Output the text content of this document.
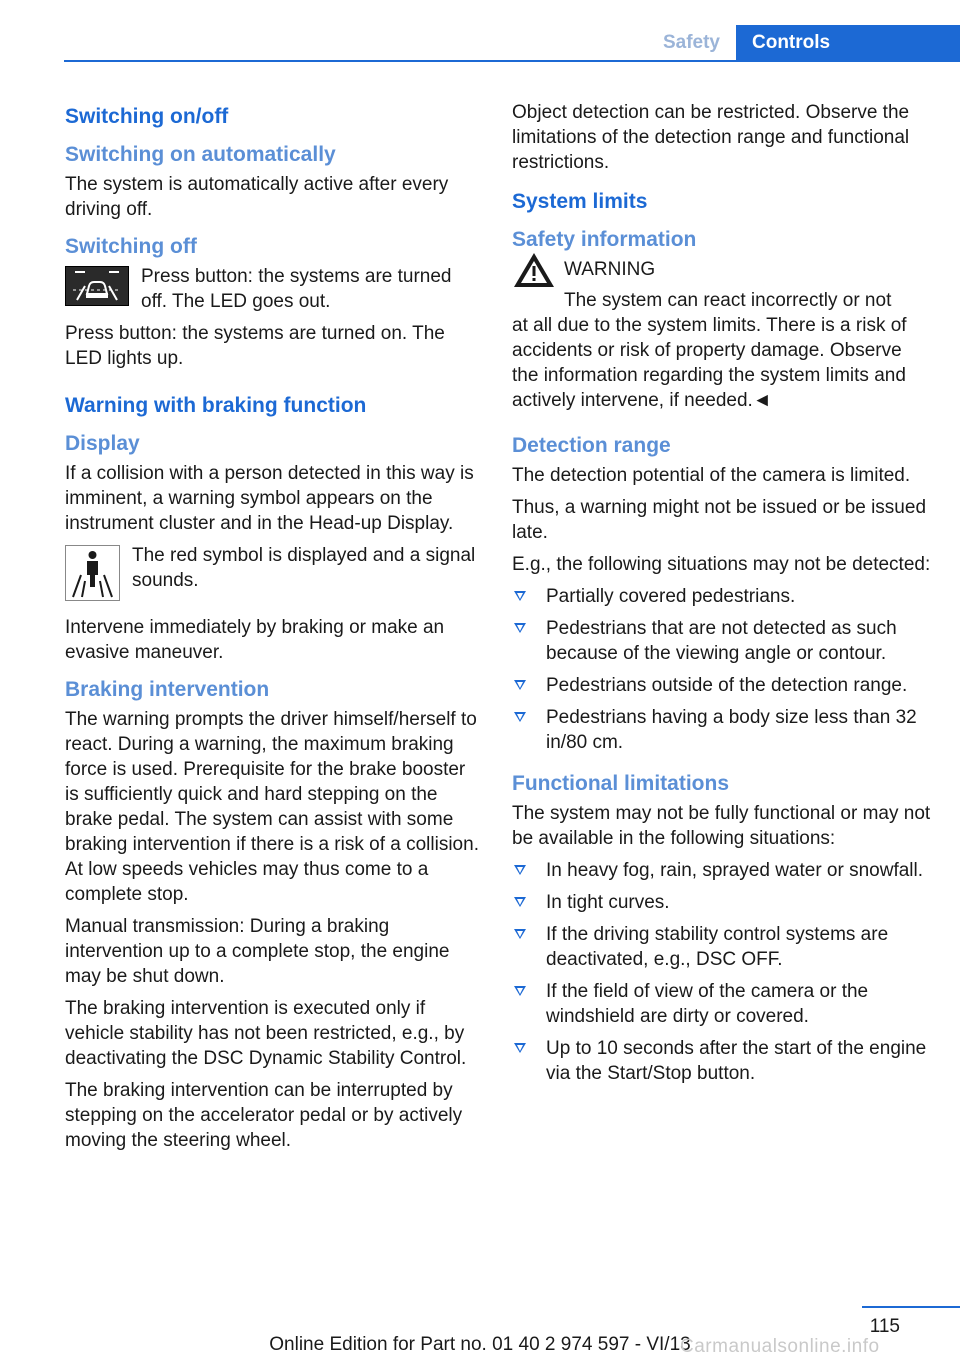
Safety	Controls
Switching on/off
Switching on automatically

The system is automatically active after every driving off.

Switching off
Press button: the systems are turned off. The LED goes out.

Press button: the systems are turned on. The LED lights up.

Warning with braking function
Display

If a collision with a person detected in this way is imminent, a warning symbol appears on the instrument cluster and in the Head-up Display.

The red symbol is displayed and a signal sounds.

Intervene immediately by braking or make an evasive maneuver.

Braking intervention

The warning prompts the driver himself/herself to react. During a warning, the maximum braking force is used. Prerequisite for the brake booster is sufficiently quick and hard stepping on the brake pedal. The system can assist with some braking intervention if there is a risk of a collision. At low speeds vehicles may thus come to a complete stop.

Manual transmission: During a braking intervention up to a complete stop, the engine may be shut down.

The braking intervention is executed only if vehicle stability has not been restricted, e.g., by deactivating the DSC Dynamic Stability Control.

The braking intervention can be interrupted by stepping on the accelerator pedal or by actively moving the steering wheel.

Object detection can be restricted. Observe the limitations of the detection range and functional restrictions.

System limits
Safety information
WARNING
The system can react incorrectly or not
at all due to the system limits. There is a risk of accidents or risk of property damage. Observe the information regarding the system limits and actively intervene, if needed.◄
Detection range

The detection potential of the camera is limited.

Thus, a warning might not be issued or be issued late.

E.g., the following situations may not be detected:

Partially covered pedestrians.
Pedestrians that are not detected as such because of the viewing angle or contour.
Pedestrians outside of the detection range.
Pedestrians having a body size less than 32 in/80 cm.
Functional limitations

The system may not be fully functional or may not be available in the following situations:

In heavy fog, rain, sprayed water or snowfall.
In tight curves.
If the driving stability control systems are deactivated, e.g., DSC OFF.
If the field of view of the camera or the windshield are dirty or covered.
Up to 10 seconds after the start of the engine via the Start/Stop button.
115
Online Edition for Part no. 01 40 2 974 597 - VI/13
Carmanualsonline.info
